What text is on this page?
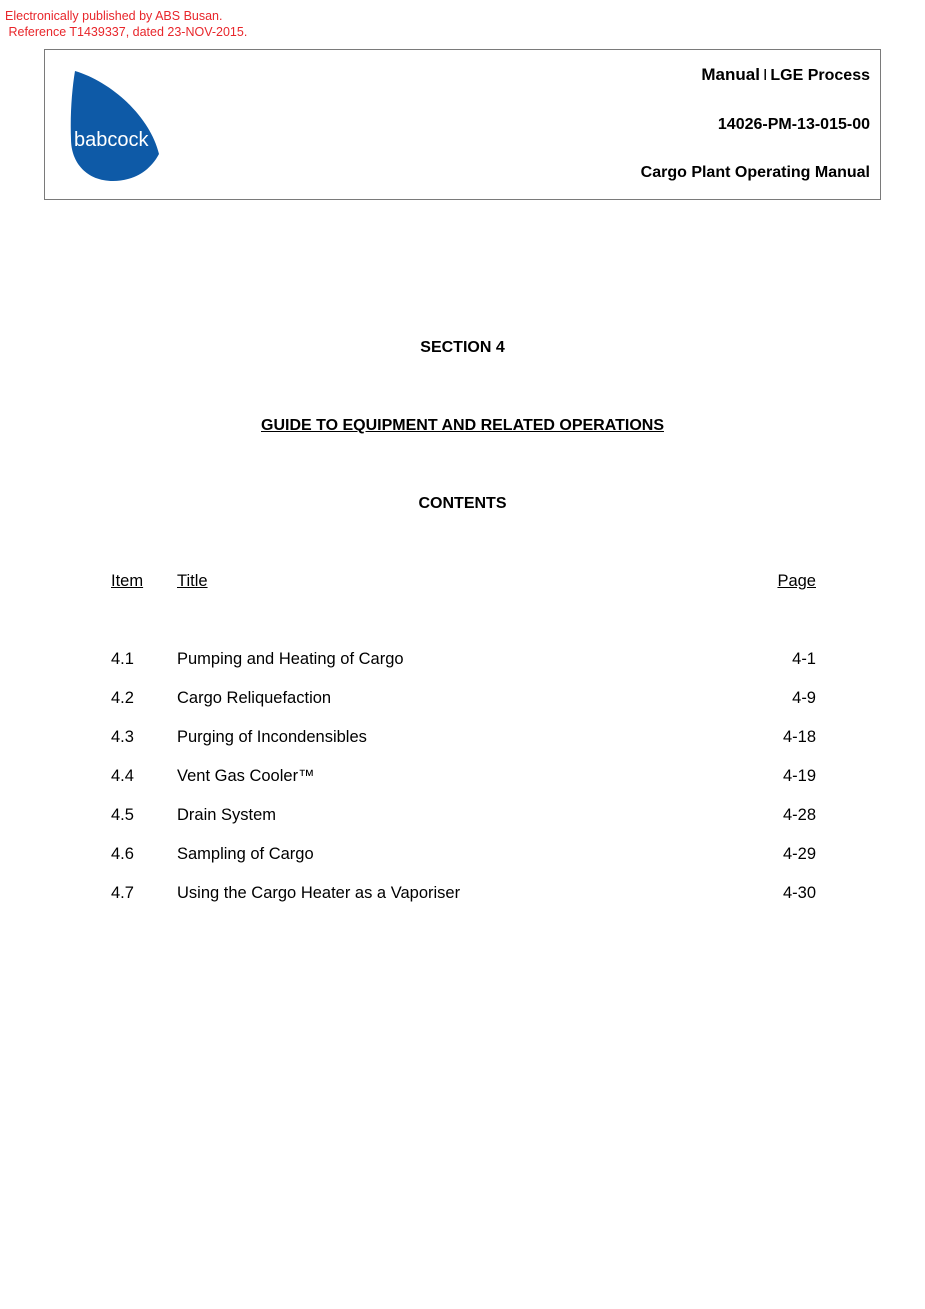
Electronically published by ABS Busan.
Reference T1439337, dated 23-NOV-2015.
babcock
Manual I LGE Process
14026-PM-13-015-00
Cargo Plant Operating Manual
SECTION 4
GUIDE TO EQUIPMENT AND RELATED OPERATIONS
CONTENTS
Item Title	Page
4.1	Pumping and Heating of Cargo	4-1
4.2	Cargo Reliquefaction	4-9
4.3	Purging of Incondensibles	4-18
4.4	Vent Gas Cooler™	4-19
4.5	Drain System	4-28
4.6	Sampling of Cargo	4-29
4.7	Using the Cargo Heater as a Vaporiser	4-30
